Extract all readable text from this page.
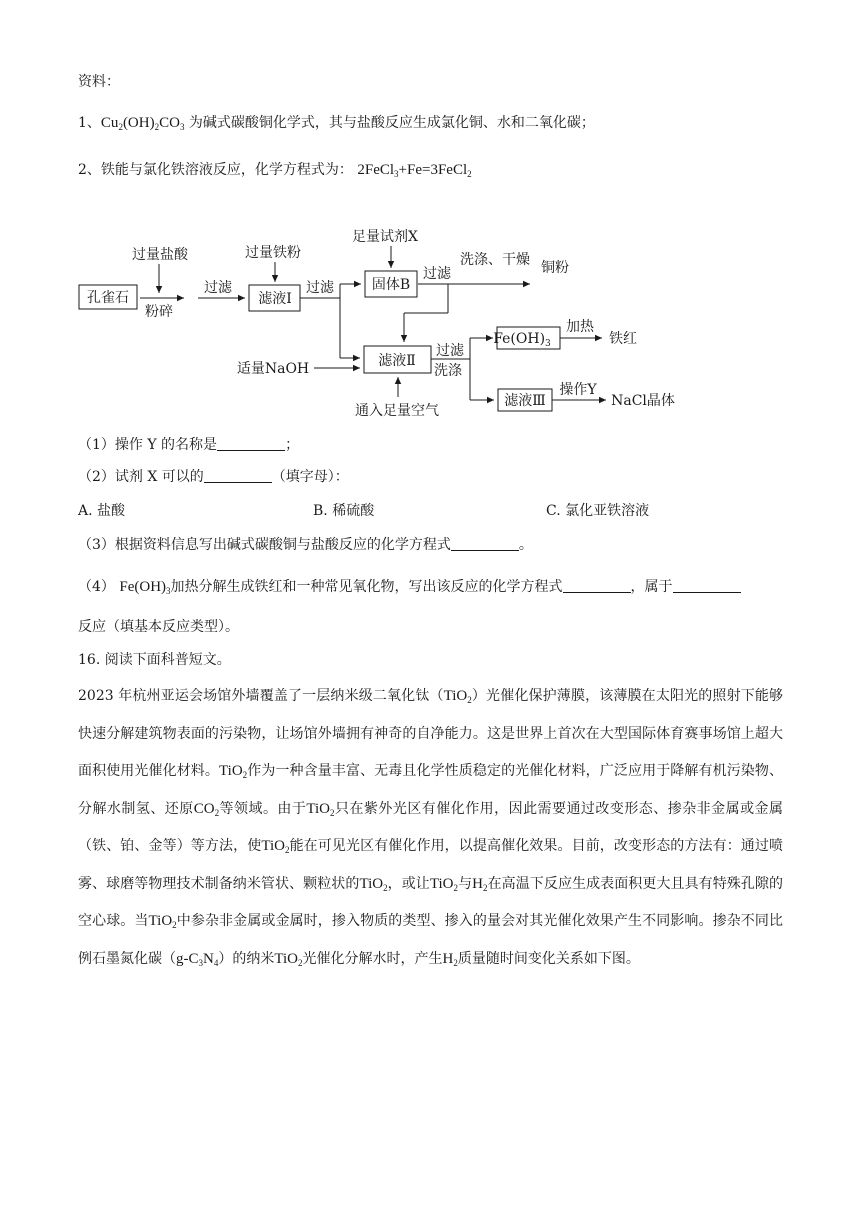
资料：
1、$Cu_2(OH)_2CO_3$ 为碱式碳酸铜化学式，其与盐酸反应生成氯化铜、水和二氧化碳；
2、铁能与氯化铁溶液反应，化学方程式为： 2FeCl$_3$+Fe=3FeCl$_2$
孔雀石
过量盐酸
粉碎
过滤
过量铁粉
滤液Ⅰ
过滤
足量试剂X
固体B
过滤
洗涤、干燥 铜粉
适量NaOH	滤液Ⅱ
通入足量空气
过滤
洗涤
$Fe(OH)_3$
加热
铁红
滤液Ⅲ
操作Y
NaCl晶体
（1）操作 Y 的名称是	；
（2）试剂 X 可以的	（填字母）：
A. 盐酸	B. 稀硫酸	C. 氯化亚铁溶液
（3）根据资料信息写出碱式碳酸铜与盐酸反应的化学方程式	。
（4） $Fe(OH)_3$加热分解生成铁红和一种常见氧化物，写出该反应的化学方程式	，属于
反应（填基本反应类型）。
16. 阅读下面科普短文。
2023 年杭州亚运会场馆外墙覆盖了一层纳米级二氧化钛（TiO$_2$）光催化保护薄膜，该薄膜在太阳光的照射下能够快速分解建筑物表面的污染物，让场馆外墙拥有神奇的自净能力。这是世界上首次在大型国际体育赛事场馆上超大面积使用光催化材料。TiO$_2$作为一种含量丰富、无毒且化学性质稳定的光催化材料，广泛应用于降解有机污染物、分解水制氢、还原$CO_2$等领域。由于TiO$_2$只在紫外光区有催化作用，因此需要通过改变形态、掺杂非金属或金属（铁、铂、金等）等方法，使TiO$_2$能在可见光区有催化作用，以提高催化效果。目前，改变形态的方法有：通过喷雾、球磨等物理技术制备纳米管状、颗粒状的TiO$_2$，或让TiO$_2$与$H_2$在高温下反应生成表面积更大且具有特殊孔隙的空心球。当TiO$_2$中参杂非金属或金属时，掺入物质的类型、掺入的量会对其光催化效果产生不同影响。掺杂不同比例石墨氮化碳$(g-C_3N_4)$的纳米TiO$_2$光催化分解水时，产生$H_2$质量随时间变化关系如下图。
